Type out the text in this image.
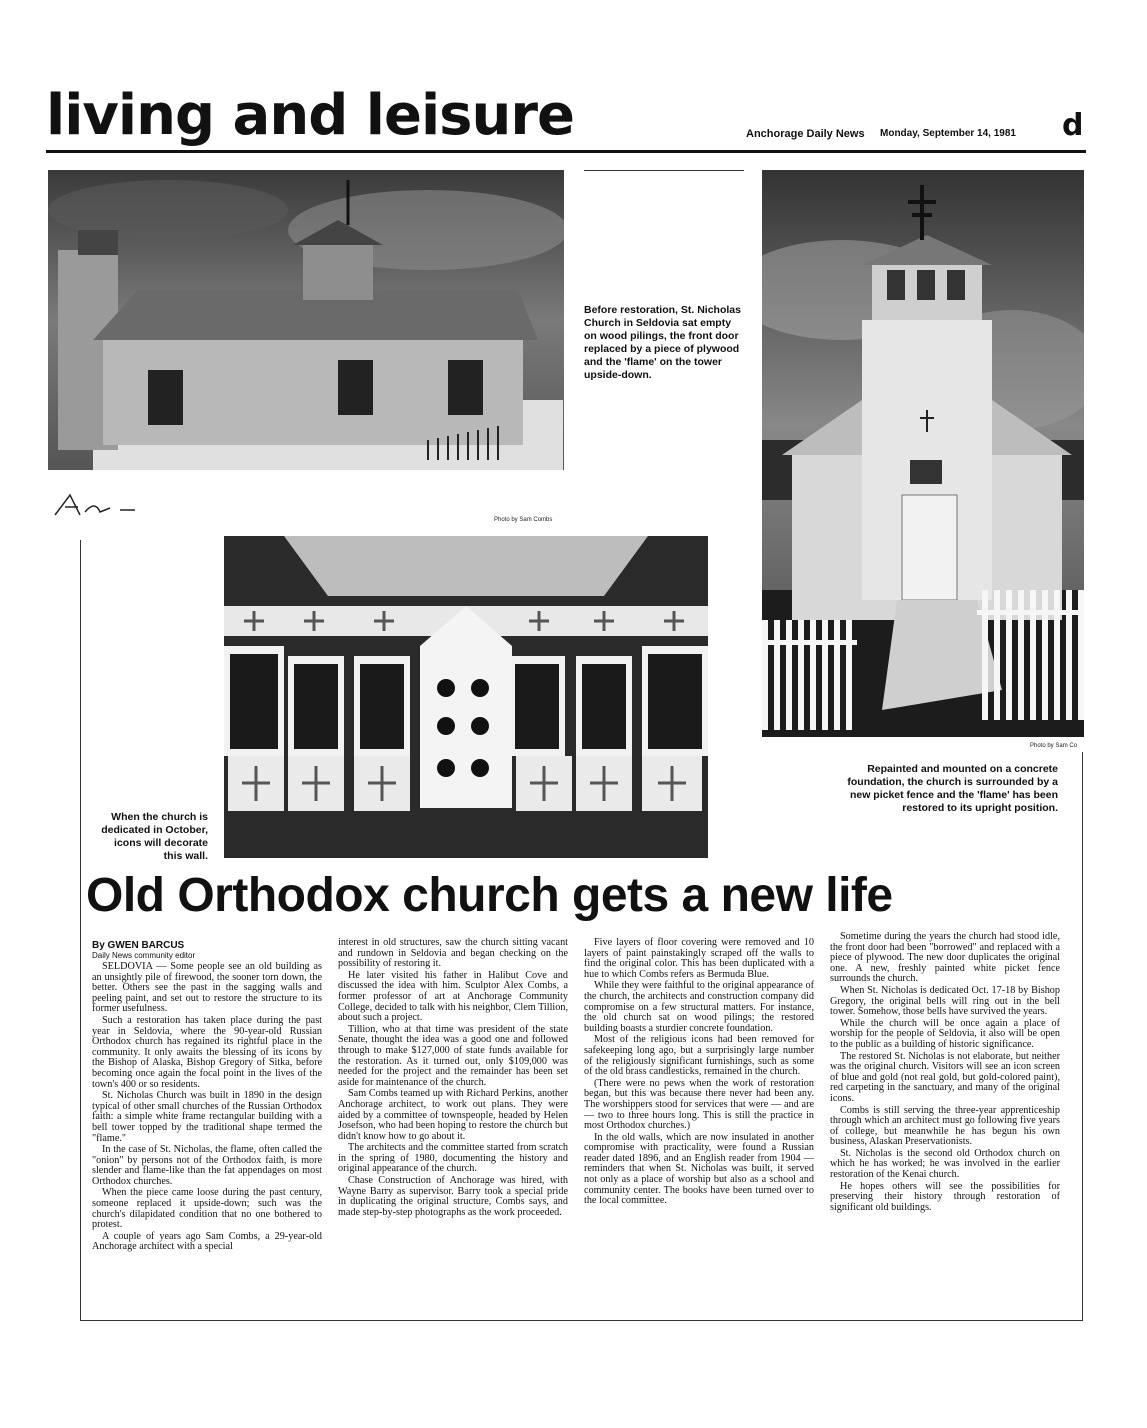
living and leisure	Anchorage Daily News Monday, September 14, 1981 d
Before restoration, St. Nicholas Church in Seldovia sat empty on wood pilings, the front door replaced by a piece of plywood and the 'flame' on the tower upside-down.
Photo by Sam Co
Repainted and mounted on a concrete foundation, the church is surrounded by a new picket fence and the 'flame' has been restored to its upright position.
Photo by Sam Combs
When the church is dedicated in October, icons will decorate this wall.
Old Orthodox church gets a new life
By GWEN BARCUS
Daily News community editor

SELDOVIA — Some people see an old building as an unsightly pile of firewood, the sooner torn down, the better. Others see the past in the sagging walls and peeling paint, and set out to restore the structure to its former usefulness.

Such a restoration has taken place during the past year in Seldovia, where the 90-year-old Russian Orthodox church has regained its rightful place in the community. It only awaits the blessing of its icons by the Bishop of Alaska, Bishop Gregory of Sitka, before becoming once again the focal point in the lives of the town's 400 or so residents.

St. Nicholas Church was built in 1890 in the design typical of other small churches of the Russian Orthodox faith: a simple white frame rectangular building with a bell tower topped by the traditional shape termed the "flame."

In the case of St. Nicholas, the flame, often called the "onion" by persons not of the Orthodox faith, is more slender and flame-like than the fat appendages on most Orthodox churches.

When the piece came loose during the past century, someone replaced it upside-down; such was the church's dilapidated condition that no one bothered to protest.

A couple of years ago Sam Combs, a 29-year-old Anchorage architect with a special

interest in old structures, saw the church sitting vacant and rundown in Seldovia and began checking on the possibility of restoring it.

He later visited his father in Halibut Cove and discussed the idea with him. Sculptor Alex Combs, a former professor of art at Anchorage Community College, decided to talk with his neighbor, Clem Tillion, about such a project.

Tillion, who at that time was president of the state Senate, thought the idea was a good one and followed through to make $127,000 of state funds available for the restoration. As it turned out, only $109,000 was needed for the project and the remainder has been set aside for maintenance of the church.

Sam Combs teamed up with Richard Perkins, another Anchorage architect, to work out plans. They were aided by a committee of townspeople, headed by Helen Josefson, who had been hoping to restore the church but didn't know how to go about it.

The architects and the committee started from scratch in the spring of 1980, documenting the history and original appearance of the church.

Chase Construction of Anchorage was hired, with Wayne Barry as supervisor. Barry took a special pride in duplicating the original structure, Combs says, and made step-by-step photographs as the work proceeded.

Five layers of floor covering were removed and 10 layers of paint painstakingly scraped off the walls to find the original color. This has been duplicated with a hue to which Combs refers as Bermuda Blue.

While they were faithful to the original appearance of the church, the architects and construction company did compromise on a few structural matters. For instance, the old church sat on wood pilings; the restored building boasts a sturdier concrete foundation.

Most of the religious icons had been removed for safekeeping long ago, but a surprisingly large number of the religiously significant furnishings, such as some of the old brass candlesticks, remained in the church.

(There were no pews when the work of restoration began, but this was because there never had been any. The worshippers stood for services that were — and are — two to three hours long. This is still the practice in most Orthodox churches.)

In the old walls, which are now insulated in another compromise with practicality, were found a Russian reader dated 1896, and an English reader from 1904 — reminders that when St. Nicholas was built, it served not only as a place of worship but also as a school and community center. The books have been turned over to the local committee.

Sometime during the years the church had stood idle, the front door had been "borrowed" and replaced with a piece of plywood. The new door duplicates the original one. A new, freshly painted white picket fence surrounds the church.

When St. Nicholas is dedicated Oct. 17-18 by Bishop Gregory, the original bells will ring out in the bell tower. Somehow, those bells have survived the years.

While the church will be once again a place of worship for the people of Seldovia, it also will be open to the public as a building of historic significance.

The restored St. Nicholas is not elaborate, but neither was the original church. Visitors will see an icon screen of blue and gold (not real gold, but gold-colored paint), red carpeting in the sanctuary, and many of the original icons.

Combs is still serving the three-year apprenticeship through which an architect must go following five years of college, but meanwhile he has begun his own business, Alaskan Preservationists.

St. Nicholas is the second old Orthodox church on which he has worked; he was involved in the earlier restoration of the Kenai church.

He hopes others will see the possibilities for preserving their history through restoration of significant old buildings.
